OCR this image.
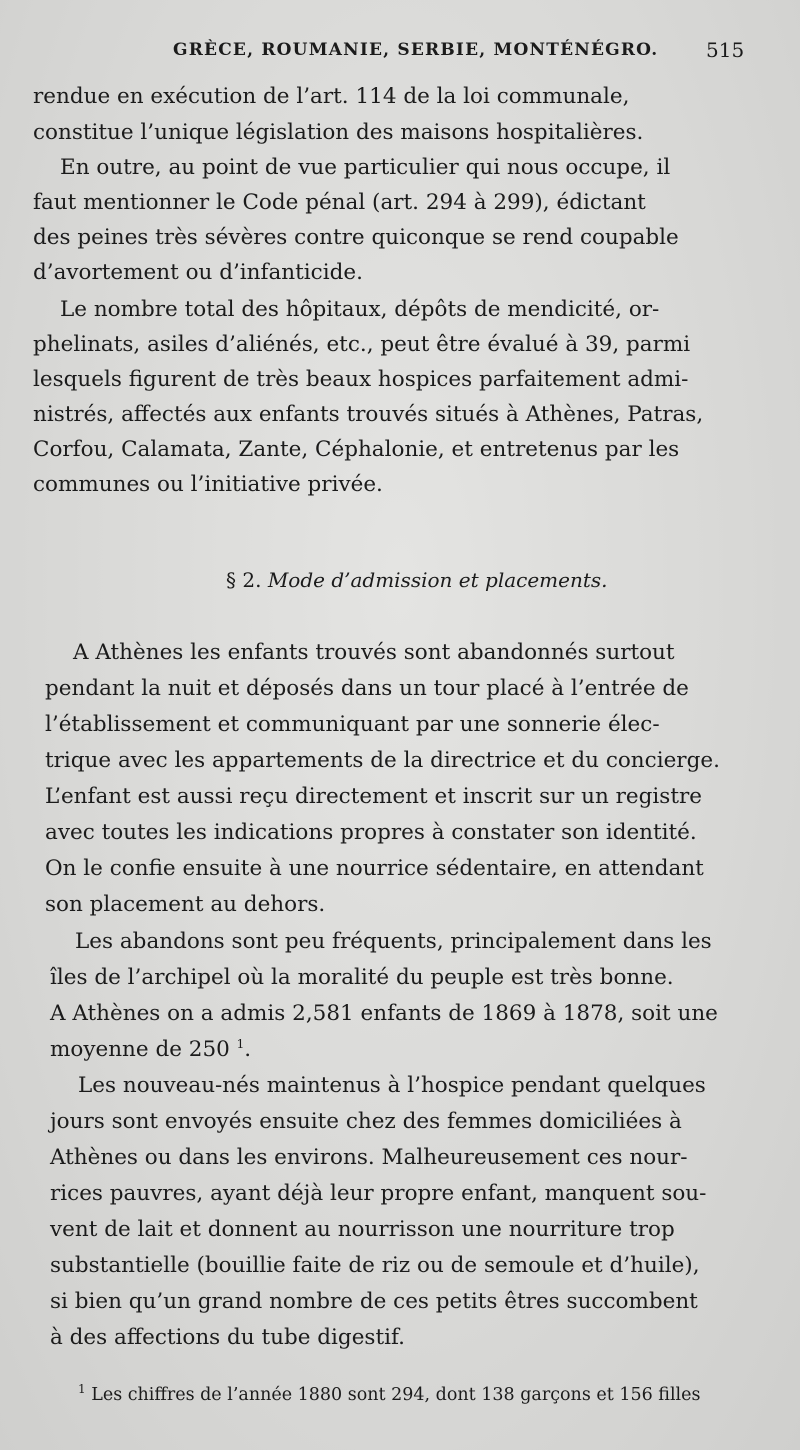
GRÈCE, ROUMANIE, SERBIE, MONTÉNÉGRO. 515
rendue en exécution de l’art. 114 de la loi communale,
constitue l’unique législation des maisons hospitalières.
En outre, au point de vue particulier qui nous occupe, il
faut mentionner le Code pénal (art. 294 à 299), édictant
des peines très sévères contre quiconque se rend coupable
d’avortement ou d’infanticide.
Le nombre total des hôpitaux, dépôts de mendicité, or-
phelinats, asiles d’aliénés, etc., peut être évalué à 39, parmi
lesquels figurent de très beaux hospices parfaitement admi-
nistrés, affectés aux enfants trouvés situés à Athènes, Patras,
Corfou, Calamata, Zante, Céphalonie, et entretenus par les
communes ou l’initiative privée.
§ 2. Mode d’admission et placements.
A Athènes les enfants trouvés sont abandonnés surtout
pendant la nuit et déposés dans un tour placé à l’entrée de
l’établissement et communiquant par une sonnerie élec-
trique avec les appartements de la directrice et du concierge.
L’enfant est aussi reçu directement et inscrit sur un registre
avec toutes les indications propres à constater son identité.
On le confie ensuite à une nourrice sédentaire, en attendant
son placement au dehors.
Les abandons sont peu fréquents, principalement dans les
îles de l’archipel où la moralité du peuple est très bonne.
A Athènes on a admis 2,581 enfants de 1869 à 1878, soit une
moyenne de 250 $^1$.
Les nouveau-nés maintenus à l’hospice pendant quelques
jours sont envoyés ensuite chez des femmes domiciliées à
Athènes ou dans les environs. Malheureusement ces nour-
rices pauvres, ayant déjà leur propre enfant, manquent sou-
vent de lait et donnent au nourrisson une nourriture trop
substantielle (bouillie faite de riz ou de semoule et d’huile),
si bien qu’un grand nombre de ces petits êtres succombent
à des affections du tube digestif.
$^1$ Les chiffres de l’année 1880 sont 294, dont 138 garçons et 156 filles
